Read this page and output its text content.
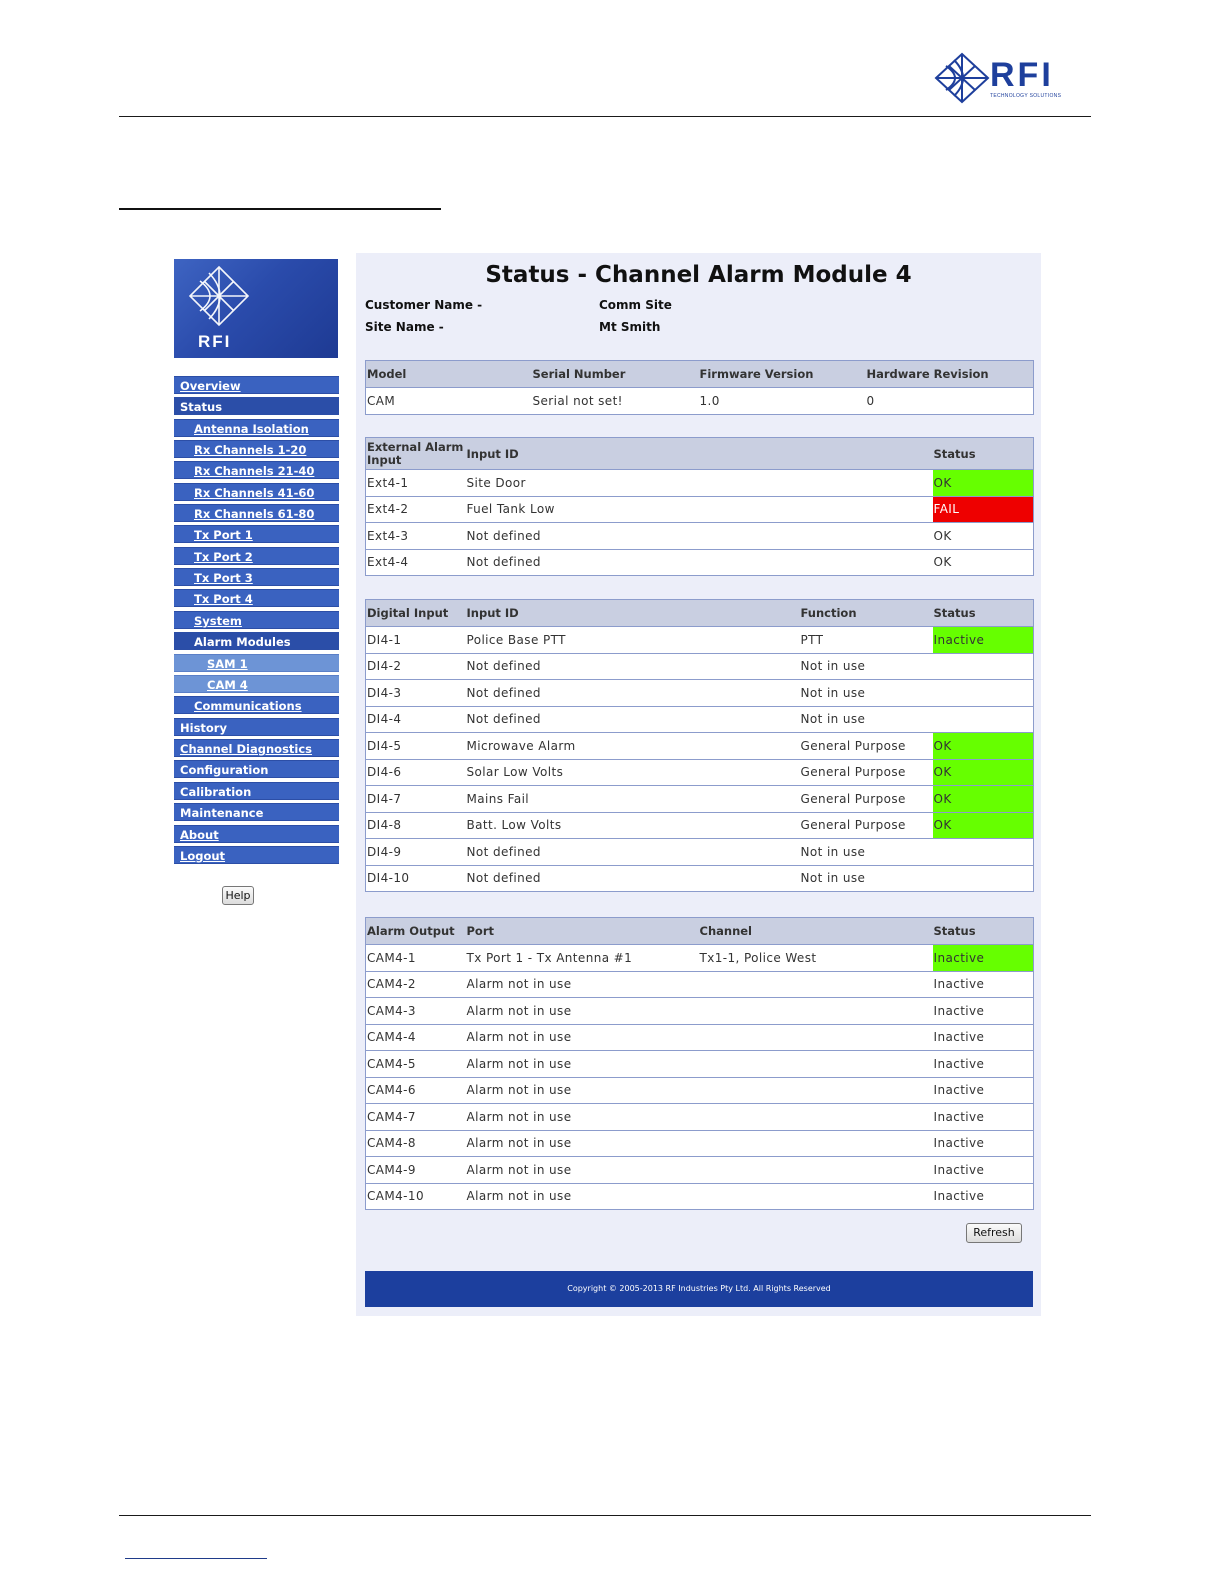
RFI
TECHNOLOGY SOLUTIONS
RFI
Overview
Status
Antenna Isolation
Rx Channels 1-20
Rx Channels 21-40
Rx Channels 41-60
Rx Channels 61-80
Tx Port 1
Tx Port 2
Tx Port 3
Tx Port 4
System
Alarm Modules
SAM 1
CAM 4
Communications
History
Channel Diagnostics
Configuration
Calibration
Maintenance
About
Logout
Help
Status - Channel Alarm Module 4
Customer Name -	Comm Site
Site Name -	Mt Smith
Model	Serial Number	Firmware Version	Hardware Revision
CAM	Serial not set!	1.0	0
External Alarm Input	Input ID	Status
Ext4-1	Site Door	OK
Ext4-2	Fuel Tank Low	FAIL
Ext4-3	Not defined	OK
Ext4-4	Not defined	OK
Digital Input	Input ID	Function	Status
DI4-1	Police Base PTT	PTT	Inactive
DI4-2	Not defined	Not in use	
DI4-3	Not defined	Not in use	
DI4-4	Not defined	Not in use	
DI4-5	Microwave Alarm	General Purpose	OK
DI4-6	Solar Low Volts	General Purpose	OK
DI4-7	Mains Fail	General Purpose	OK
DI4-8	Batt. Low Volts	General Purpose	OK
DI4-9	Not defined	Not in use	
DI4-10	Not defined	Not in use	
Alarm Output	Port	Channel	Status
CAM4-1	Tx Port 1 - Tx Antenna #1	Tx1-1, Police West	Inactive
CAM4-2	Alarm not in use		Inactive
CAM4-3	Alarm not in use		Inactive
CAM4-4	Alarm not in use		Inactive
CAM4-5	Alarm not in use		Inactive
CAM4-6	Alarm not in use		Inactive
CAM4-7	Alarm not in use		Inactive
CAM4-8	Alarm not in use		Inactive
CAM4-9	Alarm not in use		Inactive
CAM4-10	Alarm not in use		Inactive
Refresh
Copyright © 2005-2013 RF Industries Pty Ltd. All Rights Reserved
